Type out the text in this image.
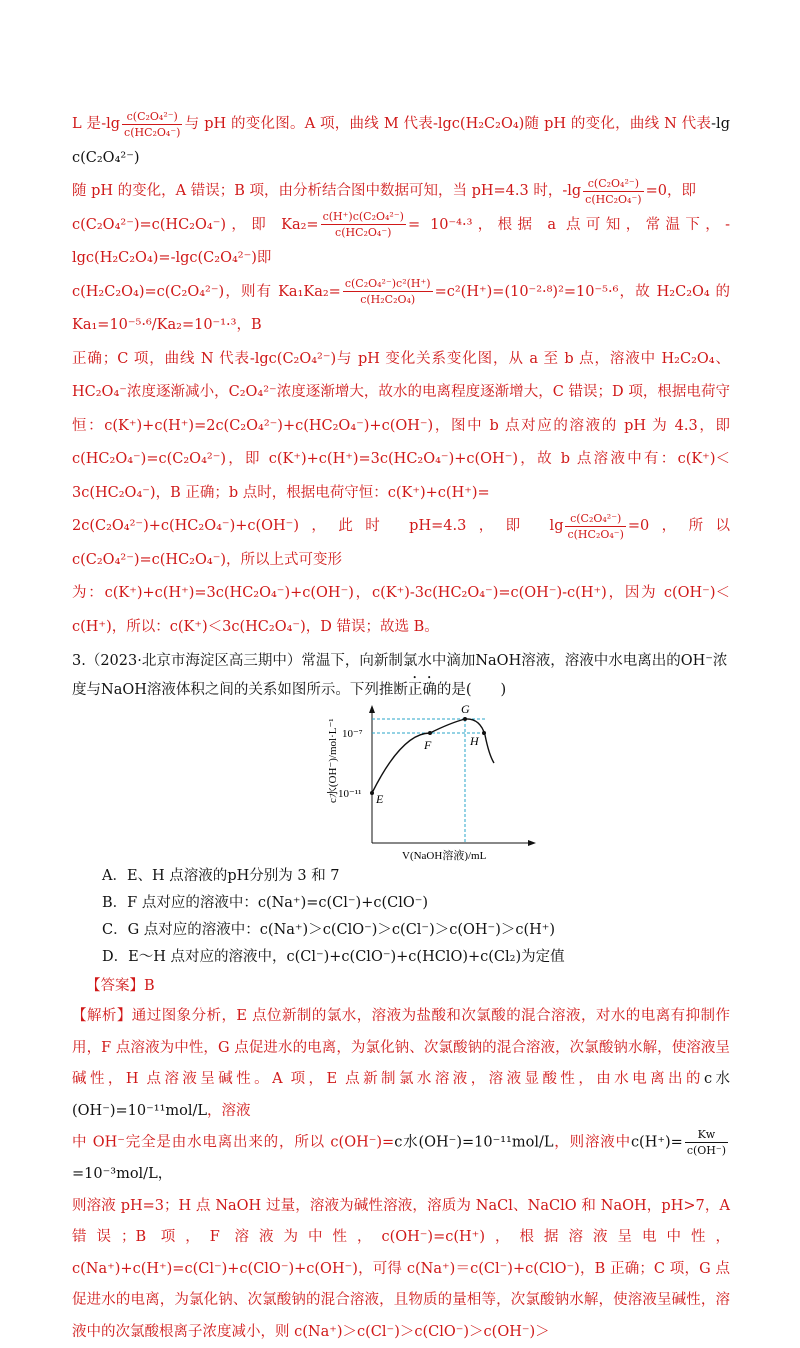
L 是$-\lg \frac{\text{c(C₂O₄²⁻)}}{\text{c(HC₂O₄⁻)}}$ 与 pH 的变化图。A 项，曲线 M 代表-lgc(H₂C₂O₄)随 pH 的变化，曲线 N 代表-lg c(C₂O₄²⁻)

随 pH 的变化，A 错误；B 项，由分析结合图中数据可知，当 pH=4.3 时，$-\lg \frac{\text{c(C₂O₄²⁻)}}{\text{c(HC₂O₄⁻)}} =0$，即

c(C₂O₄²⁻)=c(HC₂O₄⁻)，即 $Ka_2= \frac{\text{c(H⁺)c(C₂O₄²⁻)}}{\text{c(HC₂O₄⁻)}} = 10^{-4}\cdot^3$，根据 a 点可知，常温下，-lgc(H₂C₂O₄)=-lgc(C₂O₄²⁻)即

c(H₂C₂O₄)=c(C₂O₄²⁻)，则有 $Ka_1Ka_2= \frac{\text{c(C₂O₄²⁻)c²(H⁺)}}{\text{c(H₂C₂O₄)}} =c^2(H^+)=(10^{-2}\cdot^8)^2=10^{-5}\cdot^6$，故 H₂C₂O₄ 的 Ka₁=10⁻⁵·⁶/Ka₂=10⁻¹·³，B

正确；C 项，曲线 N 代表-lgc(C₂O₄²⁻)与 pH 变化关系变化图，从 a 至 b 点，溶液中 H₂C₂O₄、HC₂O₄⁻浓度逐渐减小，C₂O₄²⁻浓度逐渐增大，故水的电离程度逐渐增大，C 错误；D 项，根据电荷守恒：c(K⁺)+c(H⁺)=2c(C₂O₄²⁻)+c(HC₂O₄⁻)+c(OH⁻)，图中 b 点对应的溶液的 pH 为 4.3，即 c(HC₂O₄⁻)=c(C₂O₄²⁻)，即 c(K⁺)+c(H⁺)=3c(HC₂O₄⁻)+c(OH⁻)，故 b 点溶液中有：c(K⁺)＜3c(HC₂O₄⁻)，B 正确；b 点时，根据电荷守恒：c(K⁺)+c(H⁺)=

2c(C₂O₄²⁻)+c(HC₂O₄⁻)+c(OH⁻)，此时 pH=4.3，即 $\lg \frac{\text{c(C₂O₄²⁻)}}{\text{c(HC₂O₄⁻)}} =0$，所以 c(C₂O₄²⁻)=c(HC₂O₄⁻)，所以上式可变形

为：c(K⁺)+c(H⁺)=3c(HC₂O₄⁻)+c(OH⁻)，c(K⁺)-3c(HC₂O₄⁻)=c(OH⁻)-c(H⁺)，因为 c(OH⁻)＜c(H⁺)，所以：c(K⁺)＜3c(HC₂O₄⁻)，D 错误；故选 B。

3.（2023·北京市海淀区高三期中）常温下，向新制氯水中滴加NaOH溶液，溶液中水电离出的OH⁻浓
度与NaOH溶液体积之间的关系如图所示。下列推断正确的是(　　)

10⁻⁷
10⁻¹¹ E
F
G
H
V(NaOH溶液)/mL
c水(OH⁻)/mol·L⁻¹

A．E、H 点溶液的pH分别为 3 和 7

B．F 点对应的溶液中：c(Na⁺)=c(Cl⁻)+c(ClO⁻)

C．G 点对应的溶液中：c(Na⁺)＞c(ClO⁻)＞c(Cl⁻)＞c(OH⁻)＞c(H⁺)

D．E～H 点对应的溶液中，c(Cl⁻)+c(ClO⁻)+c(HClO)+c(Cl₂)为定值

【答案】B

【解析】通过图象分析，E 点位新制的氯水，溶液为盐酸和次氯酸的混合溶液，对水的电离有抑制作用，F 点溶液为中性，G 点促进水的电离，为氯化钠、次氯酸钠的混合溶液，次氯酸钠水解，使溶液呈碱性，H 点溶液呈碱性。A 项，E 点新制氯水溶液，溶液显酸性，由水电离出的c水(OH⁻)=10⁻¹¹mol/L，溶液

中 OH⁻完全是由水电离出来的，所以 c(OH⁻)=c水(OH⁻)=10⁻¹¹mol/L，则溶液中$c(H^+)= \frac{Kw}{c(OH^-)}$
=10⁻³mol/L，

则溶液 pH=3；H 点 NaOH 过量，溶液为碱性溶液，溶质为 NaCl、NaClO 和 NaOH，pH>7，A 错误；B 项，F 溶液为中性，c(OH⁻)=c(H⁺)，根据溶液呈电中性，c(Na⁺)+c(H⁺)=c(Cl⁻)+c(ClO⁻)+c(OH⁻)，可得 c(Na⁺)＝c(Cl⁻)+c(ClO⁻)，B 正确；C 项，G 点促进水的电离，为氯化钠、次氯酸钠的混合溶液，且物质的量相等，次氯酸钠水解，使溶液呈碱性，溶液中的次氯酸根离子浓度减小，则 c(Na⁺)＞c(Cl⁻)＞c(ClO⁻)＞c(OH⁻)＞
